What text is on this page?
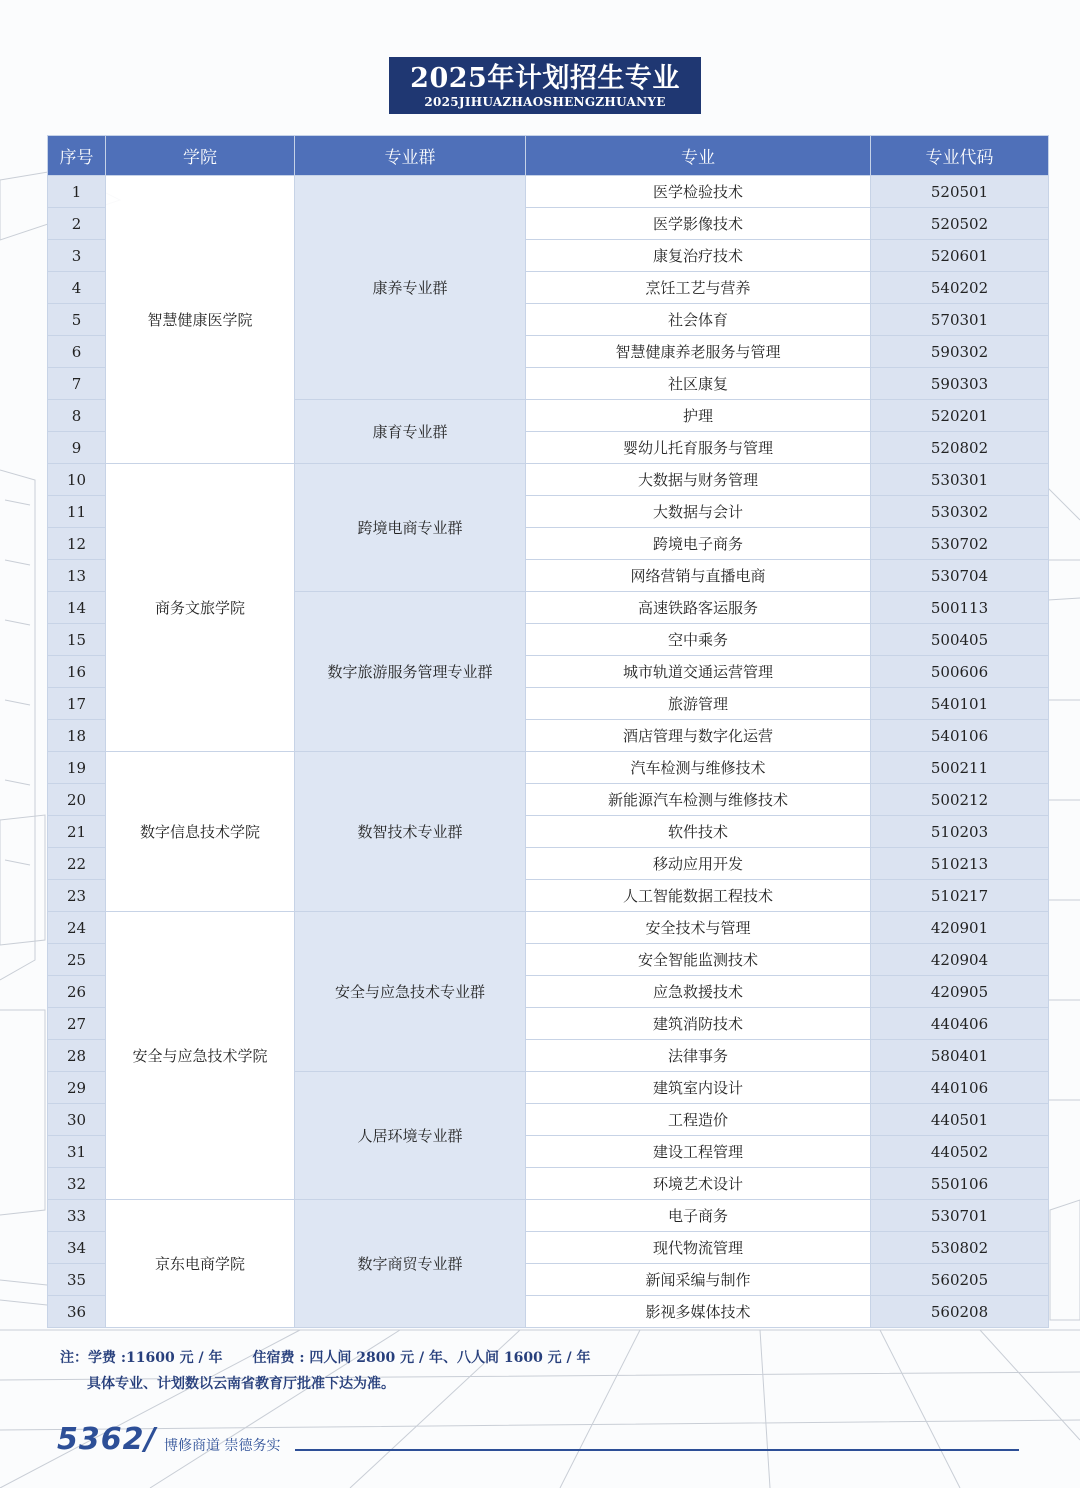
2025年计划招生专业
2025JIHUAZHAOSHENGZHUANYE
序号	学院	专业群	专业	专业代码
1	智慧健康医学院	康养专业群	医学检验技术	520501
2			医学影像技术	520502
3			康复治疗技术	520601
4			烹饪工艺与营养	540202
5			社会体育	570301
6			智慧健康养老服务与管理	590302
7			社区康复	590303
8		康育专业群	护理	520201
9			婴幼儿托育服务与管理	520802
10	商务文旅学院	跨境电商专业群	大数据与财务管理	530301
11			大数据与会计	530302
12			跨境电子商务	530702
13			网络营销与直播电商	530704
14		数字旅游服务管理专业群	高速铁路客运服务	500113
15			空中乘务	500405
16			城市轨道交通运营管理	500606
17			旅游管理	540101
18			酒店管理与数字化运营	540106
19	数字信息技术学院	数智技术专业群	汽车检测与维修技术	500211
20			新能源汽车检测与维修技术	500212
21			软件技术	510203
22			移动应用开发	510213
23			人工智能数据工程技术	510217
24	安全与应急技术学院	安全与应急技术专业群	安全技术与管理	420901
25			安全智能监测技术	420904
26			应急救援技术	420905
27			建筑消防技术	440406
28			法律事务	580401
29		人居环境专业群	建筑室内设计	440106
30			工程造价	440501
31			建设工程管理	440502
32			环境艺术设计	550106
33	京东电商学院	数字商贸专业群	电子商务	530701
34			现代物流管理	530802
35			新闻采编与制作	560205
36			影视多媒体技术	560208
注：学费 :11600 元 / 年 住宿费 : 四人间 2800 元 / 年、八人间 1600 元 / 年
具体专业、计划数以云南省教育厅批准下达为准。
5362/ 博修商道 崇德务实
